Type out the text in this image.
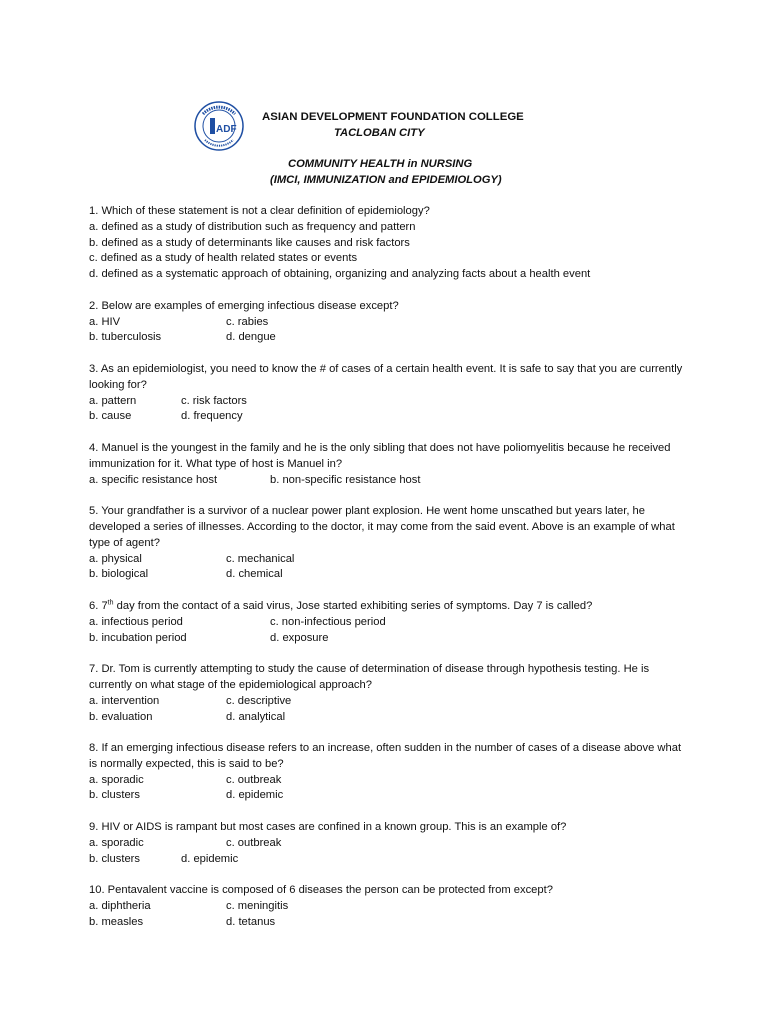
ADF
ASIAN DEVELOPMENT FOUNDATION COLLEGE
TACLOBAN CITY
COMMUNITY HEALTH in NURSING
(IMCI, IMMUNIZATION and EPIDEMIOLOGY)
1. Which of these statement is not a clear definition of epidemiology?
a. defined as a study of distribution such as frequency and pattern
b. defined as a study of determinants like causes and risk factors
c. defined as a study of health related states or events
d. defined as a systematic approach of obtaining, organizing and analyzing facts about a health event
2. Below are examples of emerging infectious disease except?
a. HIV	c. rabies
b. tuberculosis	d. dengue
3. As an epidemiologist, you need to know the # of cases of a certain health event. It is safe to say that you are currently looking for?
a. pattern	c. risk factors
b. cause	d. frequency
4. Manuel is the youngest in the family and he is the only sibling that does not have poliomyelitis because he received immunization for it. What type of host is Manuel in?
a. specific resistance host	b. non-specific resistance host
5. Your grandfather is a survivor of a nuclear power plant explosion. He went home unscathed but years later, he developed a series of illnesses. According to the doctor, it may come from the said event. Above is an example of what type of agent?
a. physical	c. mechanical
b. biological	d. chemical
6. 7th day from the contact of a said virus, Jose started exhibiting series of symptoms. Day 7 is called?
a. infectious period	c. non-infectious period
b. incubation period	d. exposure
7. Dr. Tom is currently attempting to study the cause of determination of disease through hypothesis testing. He is currently on what stage of the epidemiological approach?
a. intervention	c. descriptive
b. evaluation	d. analytical
8. If an emerging infectious disease refers to an increase, often sudden in the number of cases of a disease above what is normally expected, this is said to be?
a. sporadic	c. outbreak
b. clusters	d. epidemic
9. HIV or AIDS is rampant but most cases are confined in a known group. This is an example of?
a. sporadic	c. outbreak
b. clusters	d. epidemic
10. Pentavalent vaccine is composed of 6 diseases the person can be protected from except?
a. diphtheria	c. meningitis
b. measles	d. tetanus
